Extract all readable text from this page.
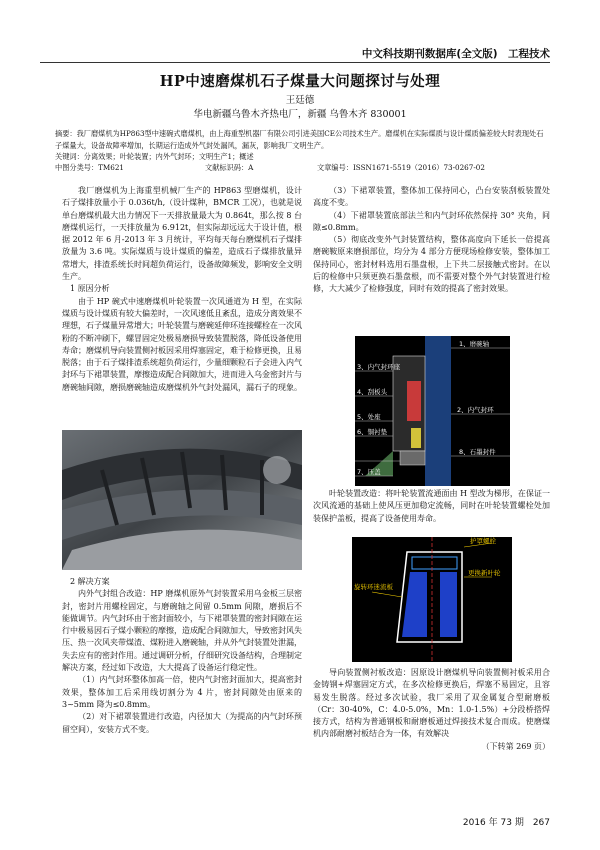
中文科技期刊数据库(全文版)　工程技术
HP中速磨煤机石子煤量大问题探讨与处理
王廷德
华电新疆乌鲁木齐热电厂，新疆 乌鲁木齐 830001

摘要：我厂磨煤机为HP863型中速碗式磨煤机，由上海重型机器厂有限公司引进美国CE公司技术生产。磨煤机在实际煤质与设计煤质偏差较大时表现处石子煤量大，设备故障率增加，长期运行造成外气封处漏风，漏灰，影响我厂文明生产。

关键词：分离效果；叶轮装置；内外气封环；文明生产1；概述

中图分类号：TM621	文献标识码：A	文章编号：ISSN1671-5519（2016）73-0267-02

我厂磨煤机为上海重型机械厂生产的 HP863 型磨煤机，设计石子煤排放量小于 0.036t/h,（设计煤种，BMCR 工况），也就是说单台磨煤机最大出力情况下一天排放量最大为 0.864t，那么按 8 台磨煤机运行，一天排放量为 6.912t，但实际却远远大于设计值，根据 2012 年 6 月-2013 年 3 月统计，平均每天每台磨煤机石子煤排放量为 3.6 吨。实际煤质与设计煤质的偏差，造成石子煤排放量异常增大，排渣系统长时间超负荷运行，设备故障频发，影响安全文明生产。

1 原因分析

由于 HP 碗式中速磨煤机叶轮装置一次风通道为 H 型，在实际煤质与设计煤质有较大偏差时，一次风速低且紊乱，造成分离效果不理想，石子煤量异常增大；叶轮装置与磨碗延伸环连接螺栓在一次风粉的不断冲刷下，螺冒固定处极易磨损导致装置脱落，降低设备使用寿命；磨煤机导向装置侧衬板因采用焊塞固定，难于检修更换，且易脱落；由于石子煤排渣系统超负荷运行，少量细颗粒石子会进入内气封环与下裙罩装置，摩擦造成配合间隙加大，进而进入乌金密封片与磨碗轴间隙，磨损磨碗轴造成磨煤机外气封处漏风，漏石子的现象。

2 解决方案

内外气封组合改造：HP 磨煤机原外气封装置采用乌金板三层密封，密封片用螺栓固定，与磨碗轴之间留 0.5mm 间隙，磨损后不能做调节。内气封环由于密封面较小，与下裙罩装置的密封间隙在运行中极易因石子煤小颗粒的摩擦，造成配合间隙加大，导致密封风失压、热一次风夹带煤渣、煤粉进入磨碗轴，并从外气封装置处泄漏，失去应有的密封作用。通过调研分析，仔细研究设备结构，合理制定解决方案，经过如下改造，大大提高了设备运行稳定性。

（1）内气封环整体加高一倍，使内气封密封面加大，提高密封效果，整体加工后采用线切割分为 4 片，密封间隙处由原来的 3~5mm 降为≤0.8mm。

（2）对下裙罩装置进行改造，内径加大（为提高的内气封环预留空间），安装方式不变。

（3）下裙罩装置，整体加工保持同心，凸台安装刮板装置处高度不变。

（4）下裙罩装置底部法兰和内气封环依然保持 30° 夹角，间隙≤0.8mm。

（5）彻底改变外气封装置结构，整体高度向下延长一倍提高磨碗鞍原来磨损部位，均分为 4 部分方便现场检修安装，整体加工保持同心，密封材料选用石墨盘根，上下共二层接触式密封。在以后的检修中只须更换石墨盘根，而不需要对整个外气封装置进行检修，大大减少了检修强度，同时有效的提高了密封效果。

1、磨碗轴
2、内气封环
3、内气封环座
4、刮板头
5、处座
6、铜衬垫
7、压盖
8、石墨封件

叶轮装置改造：将叶轮装置流通面由 H 型改为梯形，在保证一次风流通的基础上使风压更加稳定流畅，同时在叶轮装置螺栓处加装保护盖板，提高了设备使用寿命。

护罩螺栓
更换新叶轮
旋转环迷流板

导向装置侧衬板改造：因原设计磨煤机导向装置侧衬板采用合金铸钢+焊塞固定方式，在多次检修更换后，焊塞不易固定，且容易发生脱落。经过多次试验，我厂采用了双金属复合型耐磨板（Cr：30-40%，C：4.0-5.0%，Mn：1.0-1.5%）+分段桥搭焊接方式，结构为普通钢板和耐磨板通过焊接技术复合而成。使磨煤机内部耐磨衬板结合为一体，有效解决

（下转第 269 页）

2016 年 73 期　267
